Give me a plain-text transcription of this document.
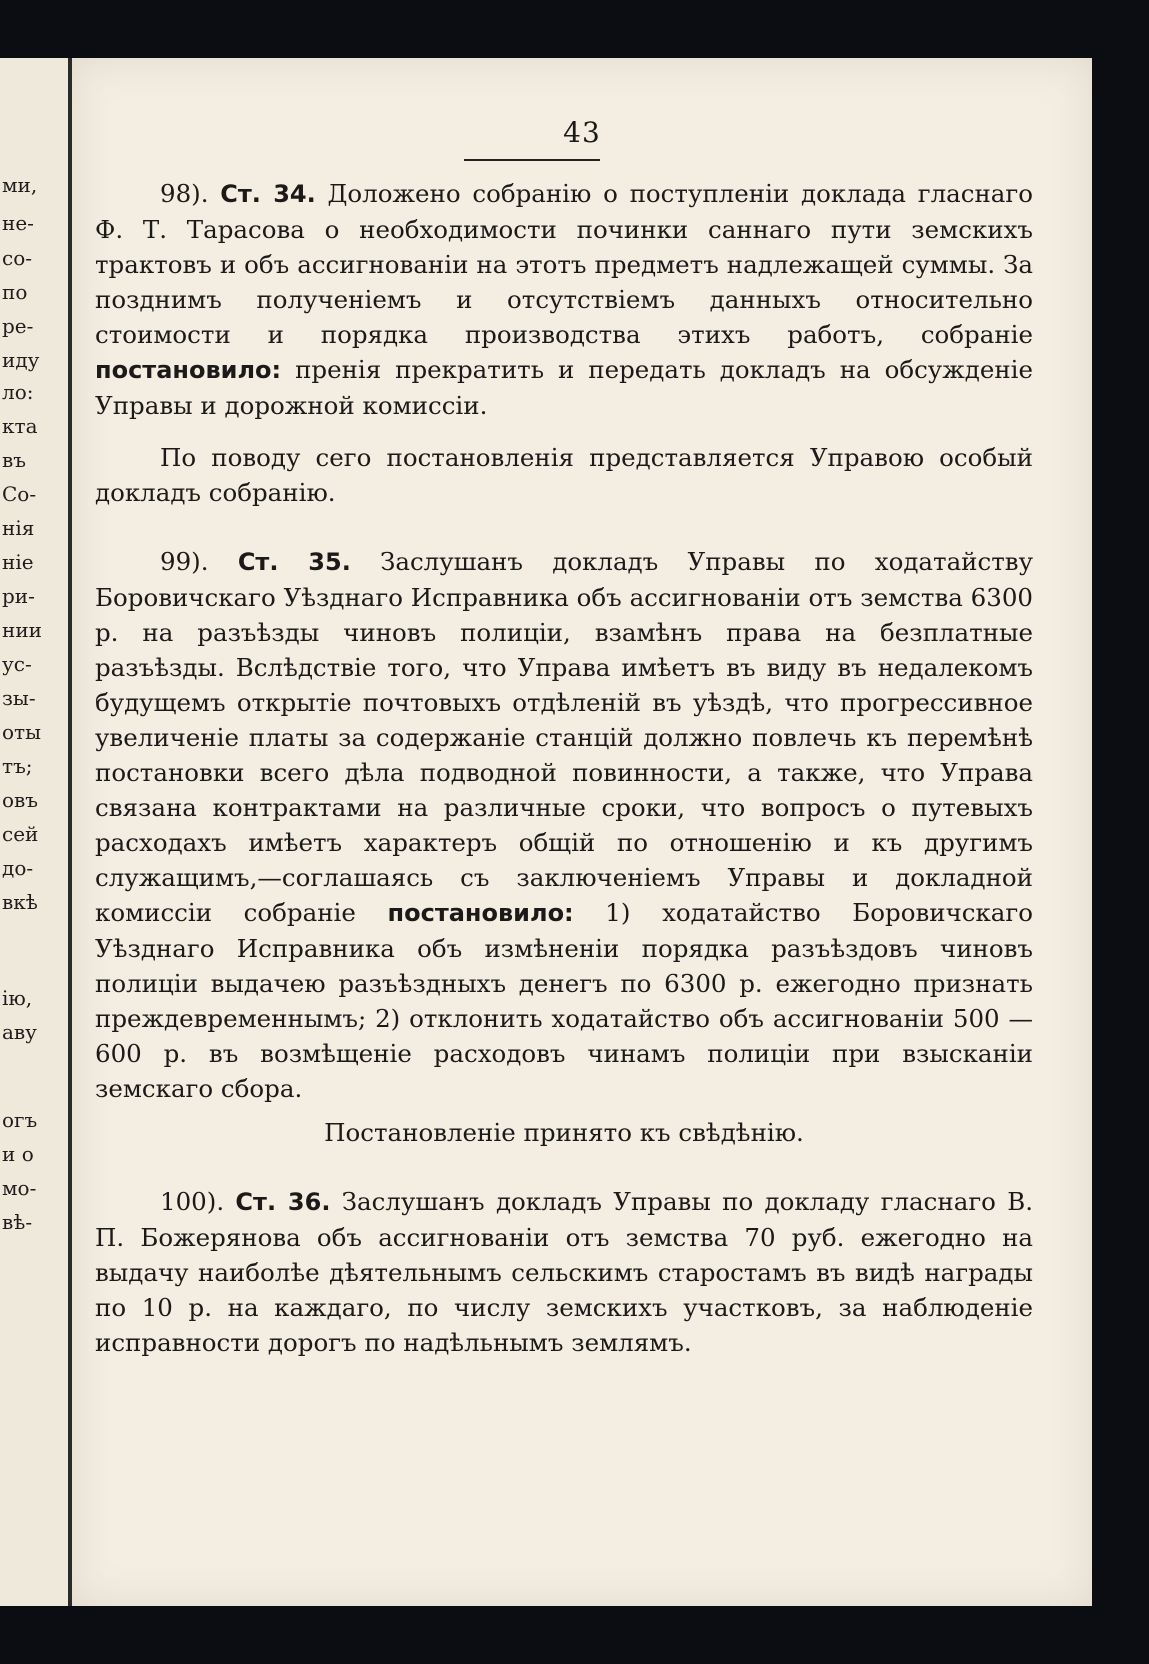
ми,
не-
со-
по
ре-
иду
ло:
кта
въ
Co-
нія
ніе
ри-
нии
ус-
зы-
оты
тъ;
овъ
сей
до-
вкѣ
ію,
аву
огъ
и о
мо-
вѣ-
43
98). Ст. 34. Доложено собранію о поступленіи доклада гласнаго Ф. Т. Тарасова о необходимости починки саннаго пути земскихъ трактовъ и объ ассигнованіи на этотъ предметъ надлежащей суммы. За позднимъ полученіемъ и отсутствіемъ данныхъ относительно стоимости и порядка производства этихъ работъ, собраніе постановило: пренія прекратить и передать докладъ на обсужденіе Управы и дорожной комиссіи.
По поводу сего постановленія представляется Управою особый докладъ собранію.
99). Ст. 35. Заслушанъ докладъ Управы по ходатайству Боровичскаго Уѣзднаго Исправника объ ассигнованіи отъ земства 6300 р. на разъѣзды чиновъ полиціи, взамѣнъ права на безплатные разъѣзды. Вслѣдствіе того, что Управа имѣетъ въ виду въ недалекомъ будущемъ открытіе почтовыхъ отдѣленій въ уѣздѣ, что прогрессивное увеличеніе платы за содержаніе станцій должно повлечь къ перемѣнѣ постановки всего дѣла подводной повинности, а также, что Управа связана контрактами на различные сроки, что вопросъ о путевыхъ расходахъ имѣетъ характеръ общій по отношенію и къ другимъ служащимъ,—соглашаясь съ заключеніемъ Управы и докладной комиссіи собраніе постановило: 1) ходатайство Боровичскаго Уѣзднаго Исправника объ измѣненіи порядка разъѣздовъ чиновъ полиціи выдачею разъѣздныхъ денегъ по 6300 р. ежегодно признать преждевременнымъ; 2) отклонить ходатайство объ ассигнованіи 500 — 600 р. въ возмѣщеніе расходовъ чинамъ полиціи при взысканіи земскаго сбора.
Постановленіе принято къ свѣдѣнію.
100). Ст. 36. Заслушанъ докладъ Управы по докладу гласнаго В. П. Божерянова объ ассигнованіи отъ земства 70 руб. ежегодно на выдачу наиболѣе дѣятельнымъ сельскимъ старостамъ въ видѣ награды по 10 р. на каждаго, по числу земскихъ участковъ, за наблюденіе исправности дорогъ по надѣльнымъ землямъ.
